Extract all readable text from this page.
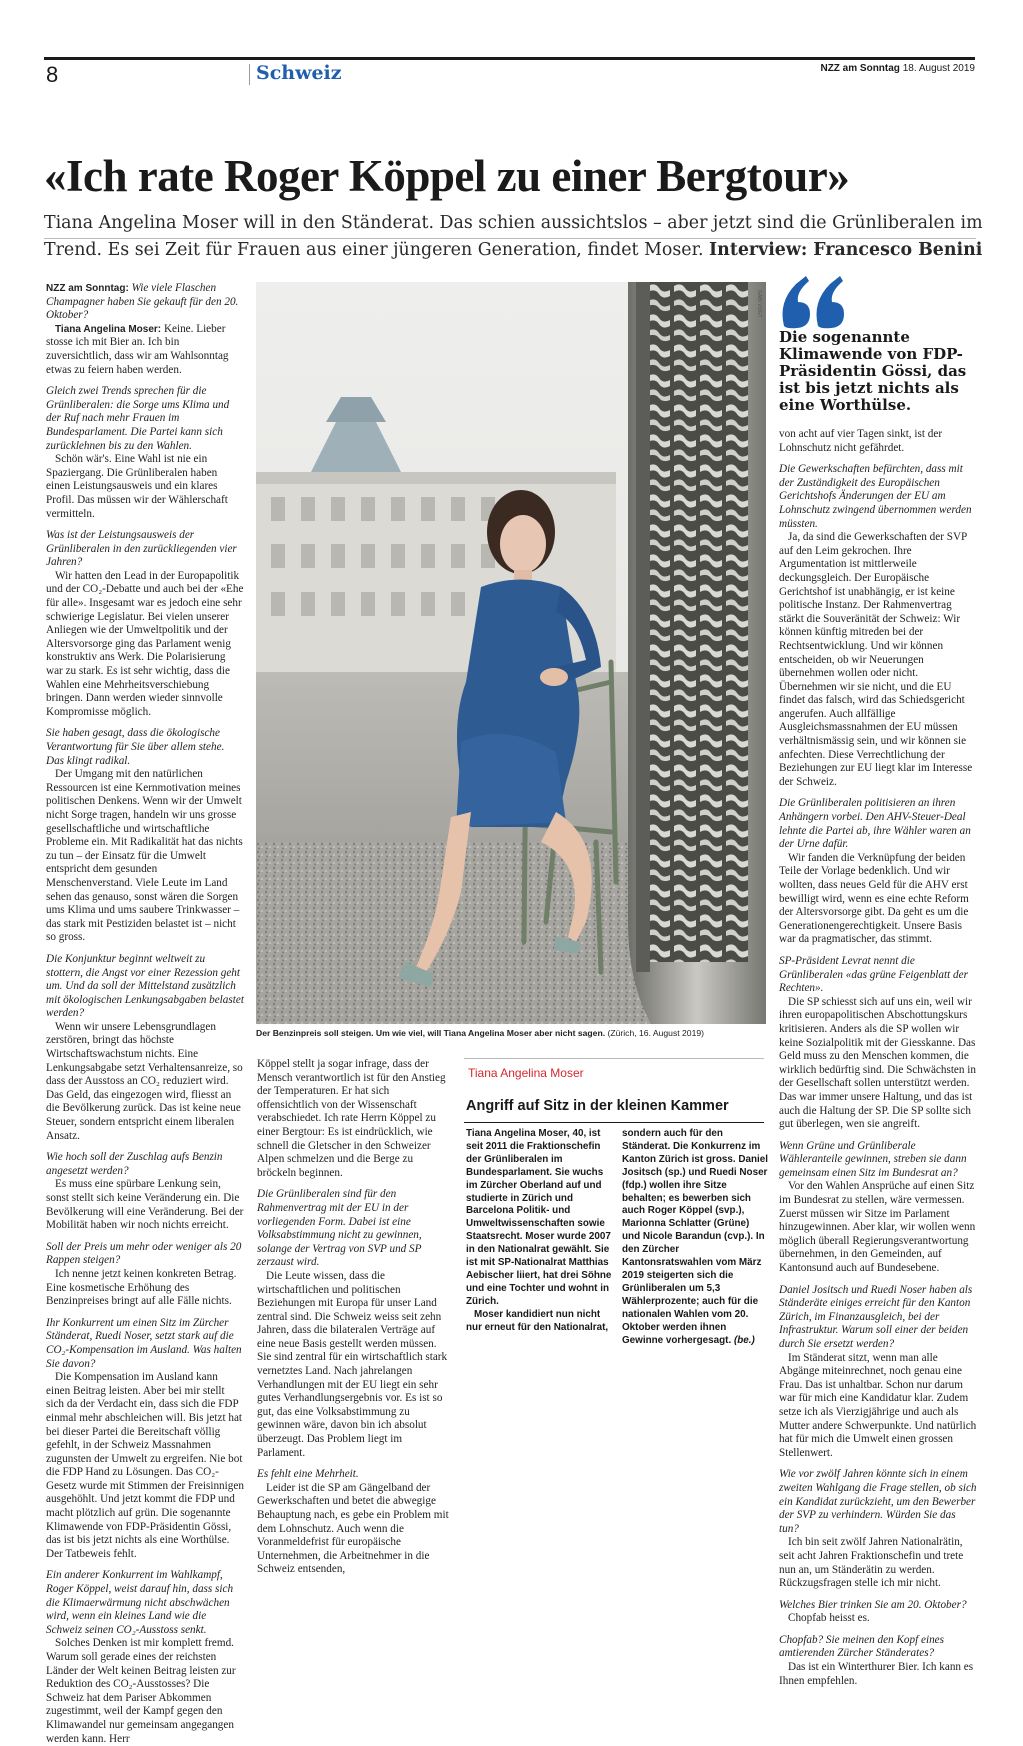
8	Schweiz	NZZ am Sonntag 18. August 2019
«Ich rate Roger Köppel zu einer Bergtour»
Tiana Angelina Moser will in den Ständerat. Das schien aussichtslos – aber jetzt sind die Grünliberalen im Trend. Es sei Zeit für Frauen aus einer jüngeren Generation, findet Moser. Interview: Francesco Benini

NZZ am Sonntag: Wie viele Flaschen Champagner haben Sie gekauft für den 20. Oktober?

Tiana Angelina Moser: Keine. Lieber stosse ich mit Bier an. Ich bin zuversichtlich, dass wir am Wahlsonntag etwas zu feiern haben werden.

Gleich zwei Trends sprechen für die Grünliberalen: die Sorge ums Klima und der Ruf nach mehr Frauen im Bundesparlament. Die Partei kann sich zurücklehnen bis zu den Wahlen.

Schön wär's. Eine Wahl ist nie ein Spaziergang. Die Grünliberalen haben einen Leistungsausweis und ein klares Profil. Das müssen wir der Wählerschaft vermitteln.

Was ist der Leistungsausweis der Grünliberalen in den zurückliegenden vier Jahren?

Wir hatten den Lead in der Europapolitik und der CO₂-Debatte und auch bei der «Ehe für alle». Insgesamt war es jedoch eine sehr schwierige Legislatur. Bei vielen unserer Anliegen wie der Umweltpolitik und der Altersvorsorge ging das Parlament wenig konstruktiv ans Werk. Die Polarisierung war zu stark. Es ist sehr wichtig, dass die Wahlen eine Mehrheitsverschiebung bringen. Dann werden wieder sinnvolle Kompromisse möglich.

Sie haben gesagt, dass die ökologische Verantwortung für Sie über allem stehe. Das klingt radikal.

Der Umgang mit den natürlichen Ressourcen ist eine Kernmotivation meines politischen Denkens. Wenn wir der Umwelt nicht Sorge tragen, handeln wir uns grosse gesellschaftliche und wirtschaftliche Probleme ein. Mit Radikalität hat das nichts zu tun – der Einsatz für die Umwelt entspricht dem gesunden Menschenverstand. Viele Leute im Land sehen das genauso, sonst wären die Sorgen ums Klima und ums saubere Trinkwasser – das stark mit Pestiziden belastet ist – nicht so gross.

Die Konjunktur beginnt weltweit zu stottern, die Angst vor einer Rezession geht um. Und da soll der Mittelstand zusätzlich mit ökologischen Lenkungsabgaben belastet werden?

Wenn wir unsere Lebensgrundlagen zerstören, bringt das höchste Wirtschaftswachstum nichts. Eine Lenkungsabgabe setzt Verhaltensanreize, so dass der Ausstoss an CO₂ reduziert wird. Das Geld, das eingezogen wird, fliesst an die Bevölkerung zurück. Das ist keine neue Steuer, sondern entspricht einem liberalen Ansatz.

Wie hoch soll der Zuschlag aufs Benzin angesetzt werden?

Es muss eine spürbare Lenkung sein, sonst stellt sich keine Veränderung ein. Die Bevölkerung will eine Veränderung. Bei der Mobilität haben wir noch nichts erreicht.

Soll der Preis um mehr oder weniger als 20 Rappen steigen?

Ich nenne jetzt keinen konkreten Betrag. Eine kosmetische Erhöhung des Benzinpreises bringt auf alle Fälle nichts.

Ihr Konkurrent um einen Sitz im Zürcher Ständerat, Ruedi Noser, setzt stark auf die CO₂-Kompensation im Ausland. Was halten Sie davon?

Die Kompensation im Ausland kann einen Beitrag leisten. Aber bei mir stellt sich da der Verdacht ein, dass sich die FDP einmal mehr abschleichen will. Bis jetzt hat bei dieser Partei die Bereitschaft völlig gefehlt, in der Schweiz Massnahmen zugunsten der Umwelt zu ergreifen. Nie bot die FDP Hand zu Lösungen. Das CO₂-Gesetz wurde mit Stimmen der Freisinnigen ausgehöhlt. Und jetzt kommt die FDP und macht plötzlich auf grün. Die sogenannte Klimawende von FDP-Präsidentin Gössi, das ist bis jetzt nichts als eine Worthülse. Der Tatbeweis fehlt.

Ein anderer Konkurrent im Wahlkampf, Roger Köppel, weist darauf hin, dass sich die Klimaerwärmung nicht abschwächen wird, wenn ein kleines Land wie die Schweiz seinen CO₂-Ausstoss senkt.

Solches Denken ist mir komplett fremd. Warum soll gerade eines der reichsten Länder der Welt keinen Beitrag leisten zur Reduktion des CO₂-Ausstosses? Die Schweiz hat dem Pariser Abkommen zugestimmt, weil der Kampf gegen den Klimawandel nur gemeinsam angegangen werden kann. Herr

GABI VOGT
Der Benzinpreis soll steigen. Um wie viel, will Tiana Angelina Moser aber nicht sagen. (Zürich, 16. August 2019)
Die sogenannte Klimawende von FDP-Präsidentin Gössi, das ist bis jetzt nichts als eine Worthülse.

von acht auf vier Tagen sinkt, ist der Lohnschutz nicht gefährdet.

Die Gewerkschaften befürchten, dass mit der Zuständigkeit des Europäischen Gerichtshofs Änderungen der EU am Lohnschutz zwingend übernommen werden müssten.

Ja, da sind die Gewerkschaften der SVP auf den Leim gekrochen. Ihre Argumentation ist mittlerweile deckungsgleich. Der Europäische Gerichtshof ist unabhängig, er ist keine politische Instanz. Der Rahmenvertrag stärkt die Souveränität der Schweiz: Wir können künftig mitreden bei der Rechtsentwicklung. Und wir können entscheiden, ob wir Neuerungen übernehmen wollen oder nicht. Übernehmen wir sie nicht, und die EU findet das falsch, wird das Schiedsgericht angerufen. Auch allfällige Ausgleichsmassnahmen der EU müssen verhältnismässig sein, und wir können sie anfechten. Diese Verrechtlichung der Beziehungen zur EU liegt klar im Interesse der Schweiz.

Die Grünliberalen politisieren an ihren Anhängern vorbei. Den AHV-Steuer-Deal lehnte die Partei ab, ihre Wähler waren an der Urne dafür.

Wir fanden die Verknüpfung der beiden Teile der Vorlage bedenklich. Und wir wollten, dass neues Geld für die AHV erst bewilligt wird, wenn es eine echte Reform der Altersvorsorge gibt. Da geht es um die Generationengerechtigkeit. Unsere Basis war da pragmatischer, das stimmt.

SP-Präsident Levrat nennt die Grünliberalen «das grüne Feigenblatt der Rechten».

Die SP schiesst sich auf uns ein, weil wir ihren europapolitischen Abschottungskurs kritisieren. Anders als die SP wollen wir keine Sozialpolitik mit der Giesskanne. Das Geld muss zu den Menschen kommen, die wirklich bedürftig sind. Die Schwächsten in der Gesellschaft sollen unterstützt werden. Das war immer unsere Haltung, und das ist auch die Haltung der SP. Die SP sollte sich gut überlegen, wen sie angreift.

Wenn Grüne und Grünliberale Wähleranteile gewinnen, streben sie dann gemeinsam einen Sitz im Bundesrat an?

Vor den Wahlen Ansprüche auf einen Sitz im Bundesrat zu stellen, wäre vermessen. Zuerst müssen wir Sitze im Parlament hinzugewinnen. Aber klar, wir wollen wenn möglich überall Regierungsverantwortung übernehmen, in den Gemeinden, auf Kantonsund auch auf Bundesebene.

Daniel Jositsch und Ruedi Noser haben als Ständeräte einiges erreicht für den Kanton Zürich, im Finanzausgleich, bei der Infrastruktur. Warum soll einer der beiden durch Sie ersetzt werden?

Im Ständerat sitzt, wenn man alle Abgänge miteinrechnet, noch genau eine Frau. Das ist unhaltbar. Schon nur darum war für mich eine Kandidatur klar. Zudem setze ich als Vierzigjährige und auch als Mutter andere Schwerpunkte. Und natürlich hat für mich die Umwelt einen grossen Stellenwert.

Wie vor zwölf Jahren könnte sich in einem zweiten Wahlgang die Frage stellen, ob sich ein Kandidat zurückzieht, um den Bewerber der SVP zu verhindern. Würden Sie das tun?

Ich bin seit zwölf Jahren Nationalrätin, seit acht Jahren Fraktionschefin und trete nun an, um Ständerätin zu werden. Rückzugsfragen stelle ich mir nicht.

Welches Bier trinken Sie am 20. Oktober?

Chopfab heisst es.

Chopfab? Sie meinen den Kopf eines amtierenden Zürcher Ständerates?

Das ist ein Winterthurer Bier. Ich kann es Ihnen empfehlen.

Köppel stellt ja sogar infrage, dass der Mensch verantwortlich ist für den Anstieg der Temperaturen. Er hat sich offensichtlich von der Wissenschaft verabschiedet. Ich rate Herrn Köppel zu einer Bergtour: Es ist eindrücklich, wie schnell die Gletscher in den Schweizer Alpen schmelzen und die Berge zu bröckeln beginnen.

Die Grünliberalen sind für den Rahmenvertrag mit der EU in der vorliegenden Form. Dabei ist eine Volksabstimmung nicht zu gewinnen, solange der Vertrag von SVP und SP zerzaust wird.

Die Leute wissen, dass die wirtschaftlichen und politischen Beziehungen mit Europa für unser Land zentral sind. Die Schweiz weiss seit zehn Jahren, dass die bilateralen Verträge auf eine neue Basis gestellt werden müssen. Sie sind zentral für ein wirtschaftlich stark vernetztes Land. Nach jahrelangen Verhandlungen mit der EU liegt ein sehr gutes Verhandlungsergebnis vor. Es ist so gut, das eine Volksabstimmung zu gewinnen wäre, davon bin ich absolut überzeugt. Das Problem liegt im Parlament.

Es fehlt eine Mehrheit.

Leider ist die SP am Gängelband der Gewerkschaften und betet die abwegige Behauptung nach, es gebe ein Problem mit dem Lohnschutz. Auch wenn die Voranmeldefrist für europäische Unternehmen, die Arbeitnehmer in die Schweiz entsenden,

Tiana Angelina Moser
Angriff auf Sitz in der kleinen Kammer

Tiana Angelina Moser, 40, ist seit 2011 die Fraktionschefin der Grünliberalen im Bundesparlament. Sie wuchs im Zürcher Oberland auf und studierte in Zürich und Barcelona Politik- und Umweltwissenschaften sowie Staatsrecht. Moser wurde 2007 in den Nationalrat gewählt. Sie ist mit SP-Nationalrat Matthias Aebischer liiert, hat drei Söhne und eine Tochter und wohnt in Zürich.

Moser kandidiert nun nicht nur erneut für den Nationalrat,

sondern auch für den Ständerat. Die Konkurrenz im Kanton Zürich ist gross. Daniel Jositsch (sp.) und Ruedi Noser (fdp.) wollen ihre Sitze behalten; es bewerben sich auch Roger Köppel (svp.), Marionna Schlatter (Grüne) und Nicole Barandun (cvp.). In den Zürcher Kantonsratswahlen vom März 2019 steigerten sich die Grünliberalen um 5,3 Wählerprozente; auch für die nationalen Wahlen vom 20. Oktober werden ihnen Gewinne vorhergesagt. (be.)
